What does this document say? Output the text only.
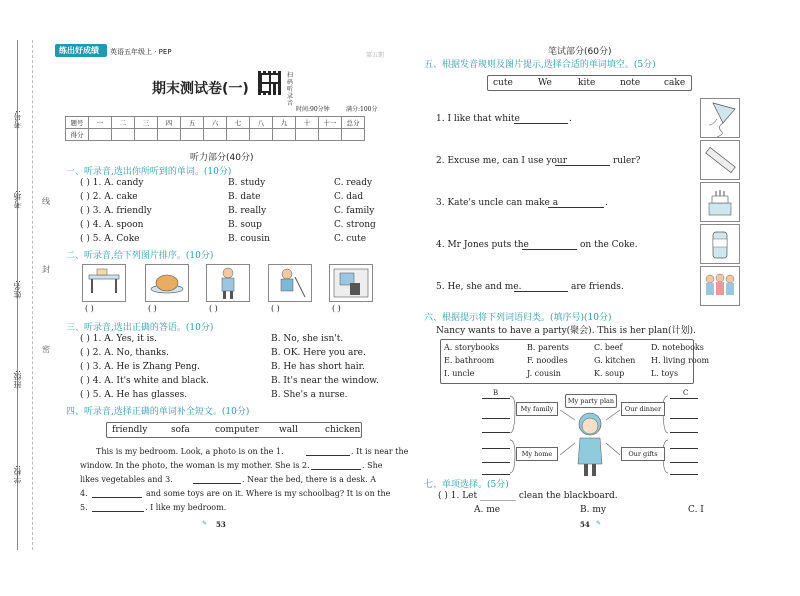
考号:
考场:
姓名:
班级:
学校:
线
封
密
练出好成绩 英语五年级上 · PEP	第五期
期末测试卷(一)
扫码听录音
时间:90分钟	满分:100分
题号	一	二	三	四	五	六	七	八	九	十	十一	总分
得分												
听力部分(40分)
一、听录音,选出你所听到的单词。(10分)
( ) 1. A. candy	B. study	C. ready
( ) 2. A. cake	B. date	C. dad
( ) 3. A. friendly	B. really	C. family
( ) 4. A. spoon	B. soup	C. strong
( ) 5. A. Coke	B. cousin	C. cute
二、听录音,给下列图片排序。(10分)
( )	( )	( )	( )	( )
三、听录音,选出正确的答语。(10分)
( ) 1. A. Yes, it is.	B. No, she isn't.
( ) 2. A. No, thanks.	B. OK. Here you are.
( ) 3. A. He is Zhang Peng.	B. He has short hair.
( ) 4. A. It's white and black.	B. It's near the window.
( ) 5. A. He has glasses.	B. She's a nurse.
四、听录音,选择正确的单词补全短文。(10分)
friendly	sofa	computer wall	chicken
This is my bedroom. Look, a photo is on the 1.	. It is near the
window. In the photo, the woman is my mother. She is 2.	. She
likes vegetables and 3.	. Near the bed, there is a desk. A
4.	and some toys are on it. Where is my schoolbag? It is on the
5.	. I like my bedroom.
✎ 53
笔试部分(60分)
五、根据发音规则及图片提示,选择合适的单词填空。(5分)
cute	We	kite	note	cake
1. I like that white	.
2. Excuse me, can I use your	ruler?
3. Kate's uncle can make a	.
4. Mr Jones puts the	on the Coke.
5. He, she and me.	are friends.
六、根据提示将下列词语归类。(填序号)(10分)
Nancy wants to have a party(聚会). This is her plan(计划).
A. storybooks	B. parents	C. beef	D. notebooks
E. bathroom	F. noodles	G. kitchen H. living room
I. uncle	J. cousin	K. soup	L. toys
B	C
My family
My home
Our dinner
Our gifts
My party plan
七、单项选择。(5分)
( ) 1. Let ________ clean the blackboard.
A. me	B. my	C. I
54 ✎
